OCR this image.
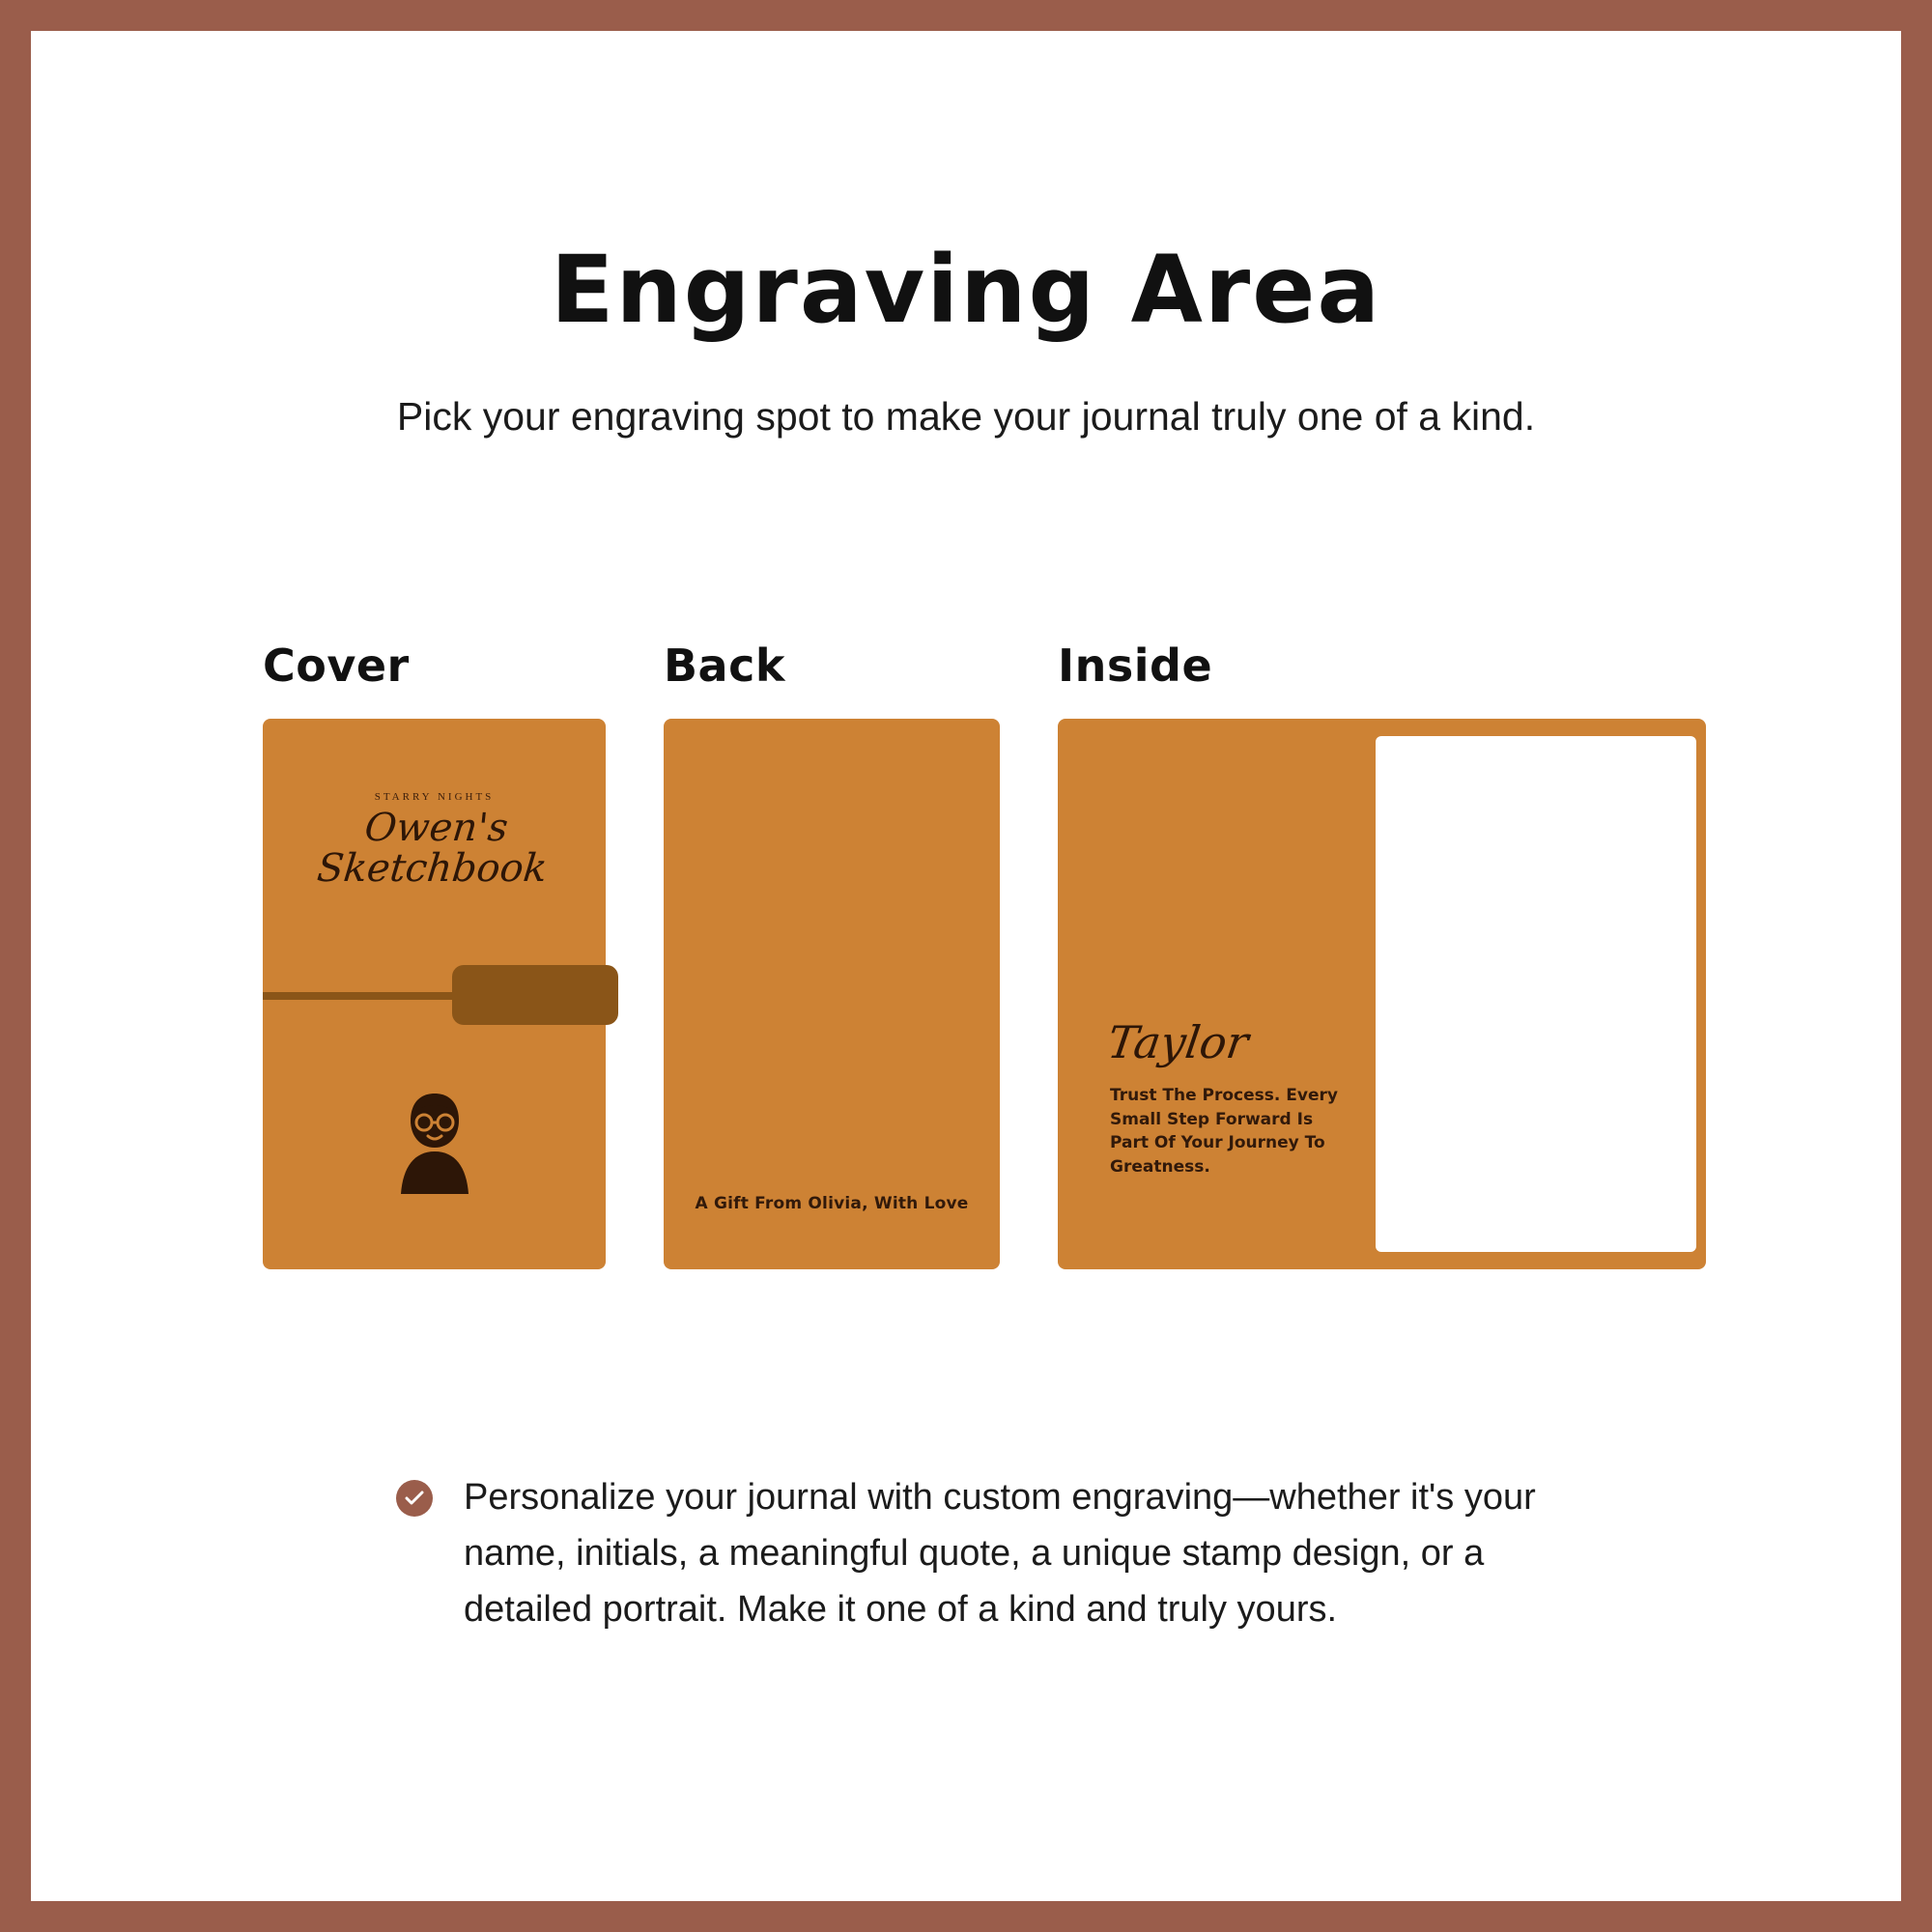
Engraving Area
Pick your engraving spot to make your journal truly one of a kind.
Cover
STARRY NIGHTS
Owen's
Sketchbook
Back
A Gift From Olivia, With Love
Inside
Taylor
Trust The Process. Every Small Step Forward Is Part Of Your Journey To Greatness.
Personalize your journal with custom engraving—whether it's your name, initials, a meaningful quote, a unique stamp design, or a detailed portrait. Make it one of a kind and truly yours.
